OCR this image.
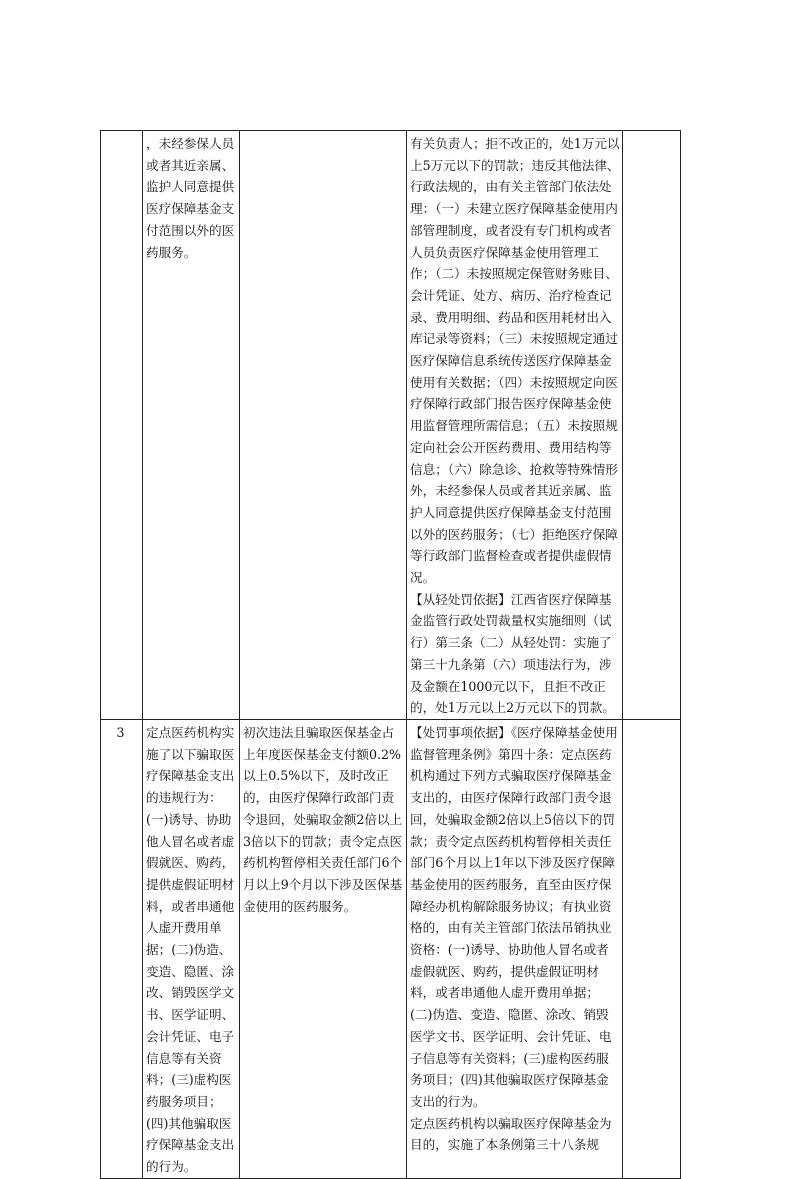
	，未经参保人员或者其近亲属、监护人同意提供医疗保障基金支付范围以外的医药服务。		有关负责人；拒不改正的，处1万元以上5万元以下的罚款；违反其他法律、行政法规的，由有关主管部门依法处理：（一）未建立医疗保障基金使用内部管理制度，或者没有专门机构或者人员负责医疗保障基金使用管理工作；（二）未按照规定保管财务账目、会计凭证、处方、病历、治疗检查记录、费用明细、药品和医用耗材出入库记录等资料；（三）未按照规定通过医疗保障信息系统传送医疗保障基金使用有关数据；（四）未按照规定向医疗保障行政部门报告医疗保障基金使用监督管理所需信息；（五）未按照规定向社会公开医药费用、费用结构等信息；（六）除急诊、抢救等特殊情形外，未经参保人员或者其近亲属、监护人同意提供医疗保障基金支付范围以外的医药服务；（七）拒绝医疗保障等行政部门监督检查或者提供虚假情况。
【从轻处罚依据】江西省医疗保障基金监管行政处罚裁量权实施细则（试行）第三条（二）从轻处罚：实施了第三十九条第（六）项违法行为，涉及金额在1000元以下，且拒不改正的，处1万元以上2万元以下的罚款。	

3	定点医药机构实施了以下骗取医疗保障基金支出的违规行为：(一)诱导、协助他人冒名或者虚假就医、购药，提供虚假证明材料，或者串通他人虚开费用单据；(二)伪造、变造、隐匿、涂改、销毁医学文书、医学证明、会计凭证、电子信息等有关资料；(三)虚构医药服务项目；(四)其他骗取医疗保障基金支出的行为。	初次违法且骗取医保基金占上年度医保基金支付额0.2%以上0.5%以下，及时改正的，由医疗保障行政部门责令退回，处骗取金额2倍以上3倍以下的罚款；责令定点医药机构暂停相关责任部门6个月以上9个月以下涉及医保基金使用的医药服务。	【处罚事项依据】《医疗保障基金使用监督管理条例》第四十条：定点医药机构通过下列方式骗取医疗保障基金支出的，由医疗保障行政部门责令退回，处骗取金额2倍以上5倍以下的罚款；责令定点医药机构暂停相关责任部门6个月以上1年以下涉及医疗保障基金使用的医药服务，直至由医疗保障经办机构解除服务协议；有执业资格的，由有关主管部门依法吊销执业资格：(一)诱导、协助他人冒名或者虚假就医、购药，提供虚假证明材料，或者串通他人虚开费用单据；(二)伪造、变造、隐匿、涂改、销毁医学文书、医学证明、会计凭证、电子信息等有关资料；(三)虚构医药服务项目；(四)其他骗取医疗保障基金支出的行为。
定点医药机构以骗取医疗保障基金为目的，实施了本条例第三十八条规	
